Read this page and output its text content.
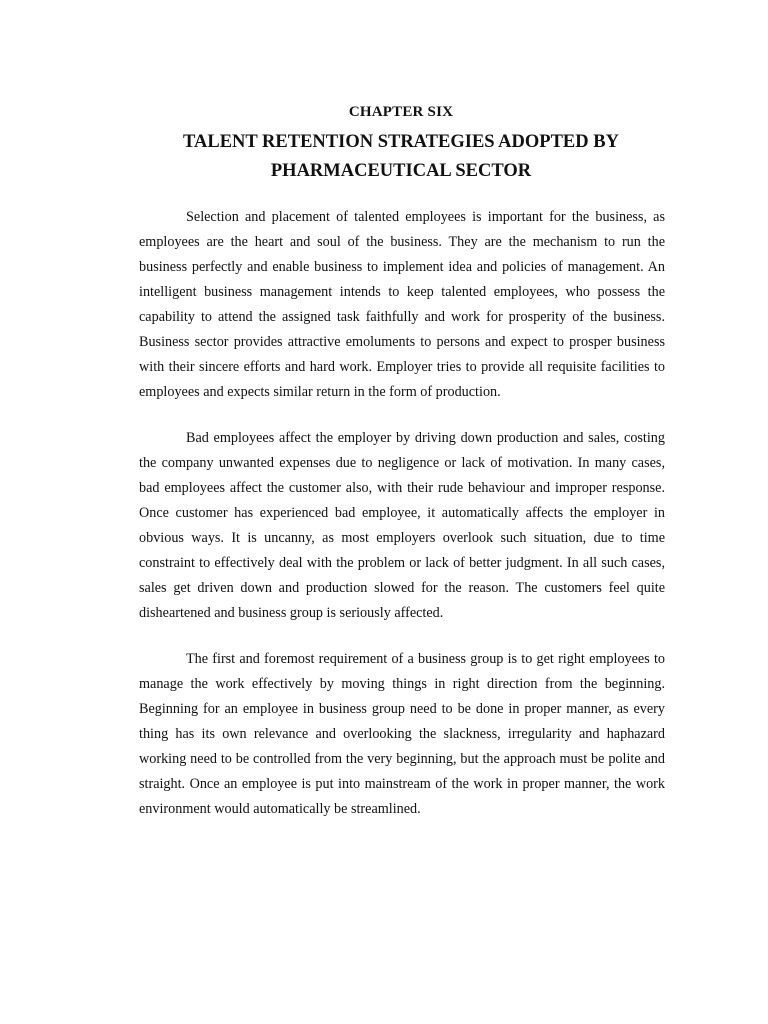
CHAPTER SIX
TALENT RETENTION STRATEGIES ADOPTED BY
PHARMACEUTICAL SECTOR

Selection and placement of talented employees is important for the business, as employees are the heart and soul of the business. They are the mechanism to run the business perfectly and enable business to implement idea and policies of management. An intelligent business management intends to keep talented employees, who possess the capability to attend the assigned task faithfully and work for prosperity of the business. Business sector provides attractive emoluments to persons and expect to prosper business with their sincere efforts and hard work. Employer tries to provide all requisite facilities to employees and expects similar return in the form of production.

Bad employees affect the employer by driving down production and sales, costing the company unwanted expenses due to negligence or lack of motivation. In many cases, bad employees affect the customer also, with their rude behaviour and improper response. Once customer has experienced bad employee, it automatically affects the employer in obvious ways. It is uncanny, as most employers overlook such situation, due to time constraint to effectively deal with the problem or lack of better judgment. In all such cases, sales get driven down and production slowed for the reason. The customers feel quite disheartened and business group is seriously affected.

The first and foremost requirement of a business group is to get right employees to manage the work effectively by moving things in right direction from the beginning. Beginning for an employee in business group need to be done in proper manner, as every thing has its own relevance and overlooking the slackness, irregularity and haphazard working need to be controlled from the very beginning, but the approach must be polite and straight. Once an employee is put into mainstream of the work in proper manner, the work environment would automatically be streamlined.
